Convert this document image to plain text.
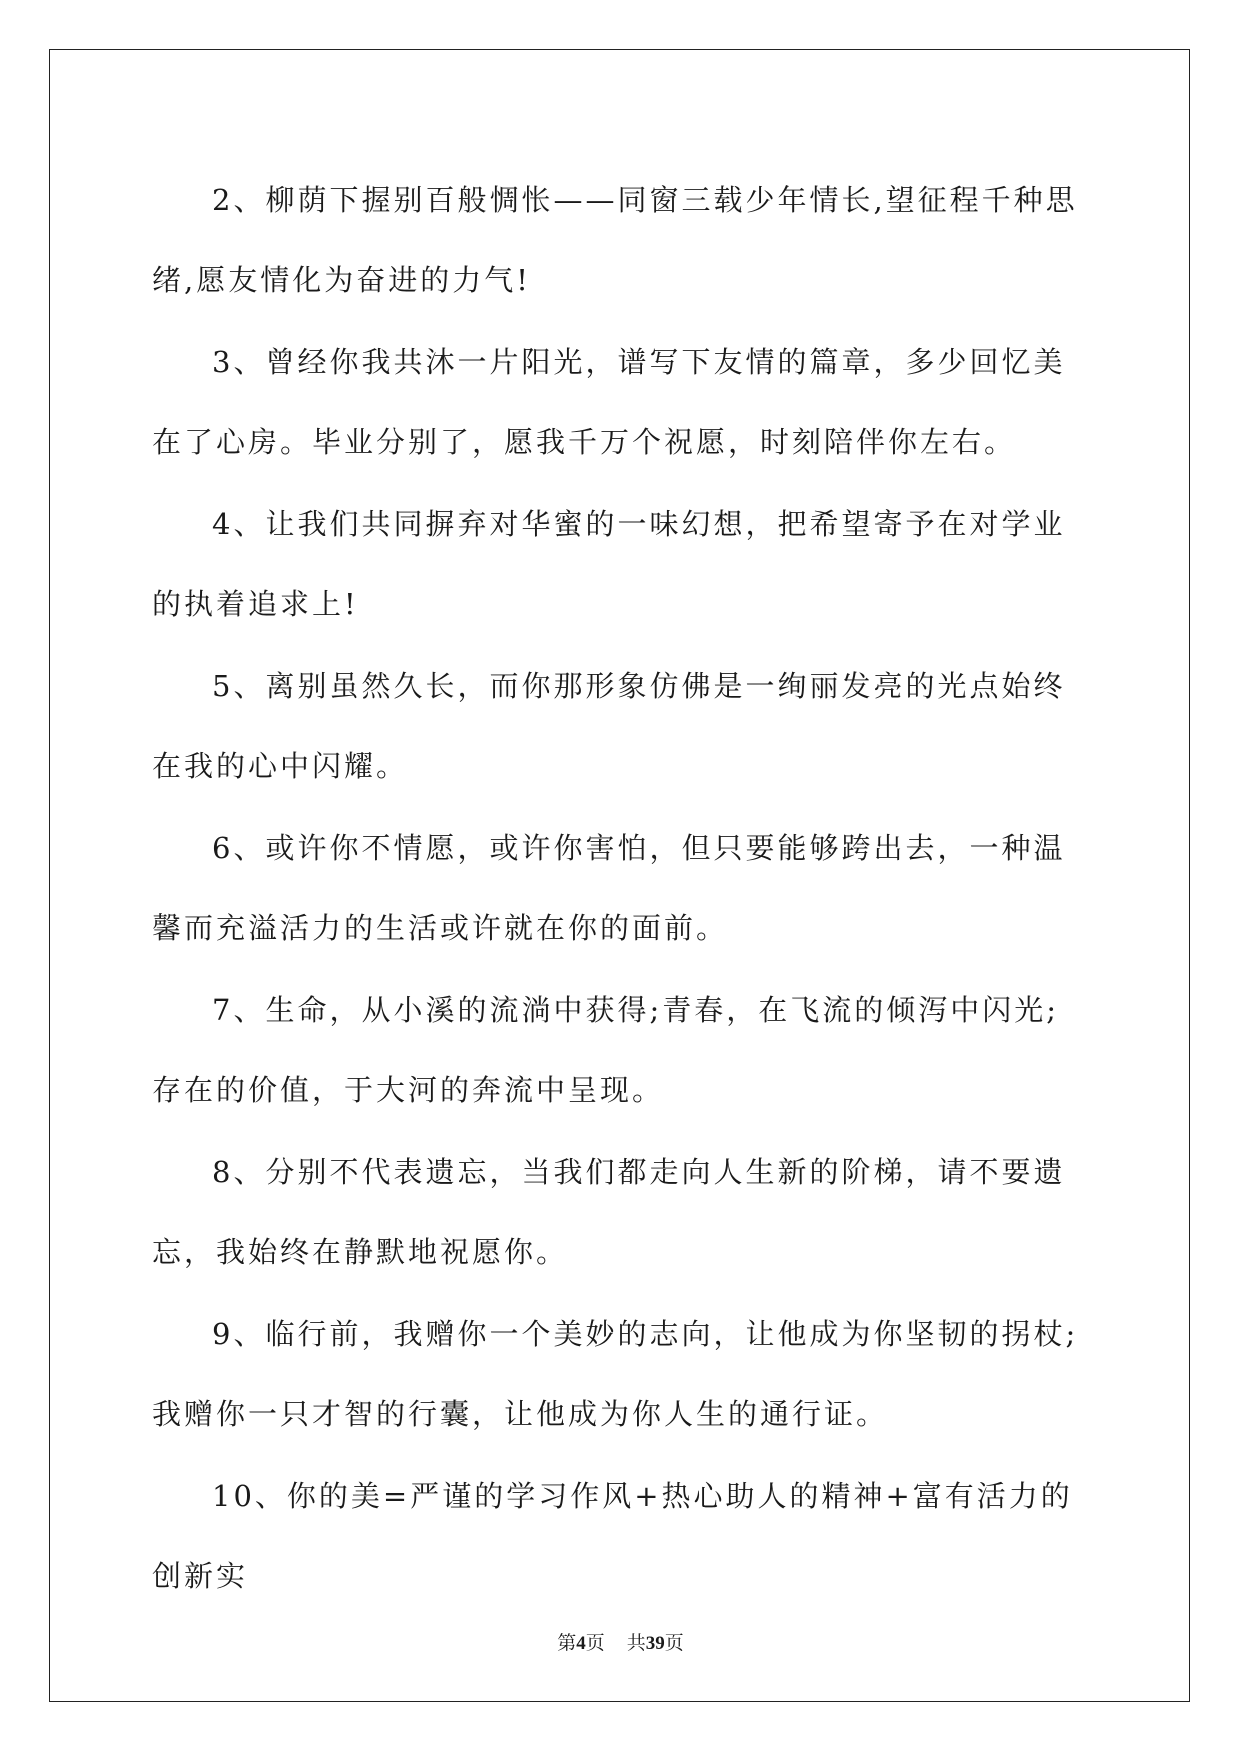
2、柳荫下握别百般惆怅——同窗三载少年情长,望征程千种思绪,愿友情化为奋进的力气!

3、曾经你我共沐一片阳光，谱写下友情的篇章，多少回忆美在了心房。毕业分别了，愿我千万个祝愿，时刻陪伴你左右。

4、让我们共同摒弃对华蜜的一味幻想，把希望寄予在对学业的执着追求上!

5、离别虽然久长，而你那形象仿佛是一绚丽发亮的光点始终在我的心中闪耀。

6、或许你不情愿，或许你害怕，但只要能够跨出去，一种温馨而充溢活力的生活或许就在你的面前。

7、生命，从小溪的流淌中获得;青春，在飞流的倾泻中闪光;存在的价值，于大河的奔流中呈现。

8、分别不代表遗忘，当我们都走向人生新的阶梯，请不要遗忘，我始终在静默地祝愿你。

9、临行前，我赠你一个美妙的志向，让他成为你坚韧的拐杖;我赠你一只才智的行囊，让他成为你人生的通行证。

10、你的美=严谨的学习作风+热心助人的精神+富有活力的创新实

第4页 共39页
